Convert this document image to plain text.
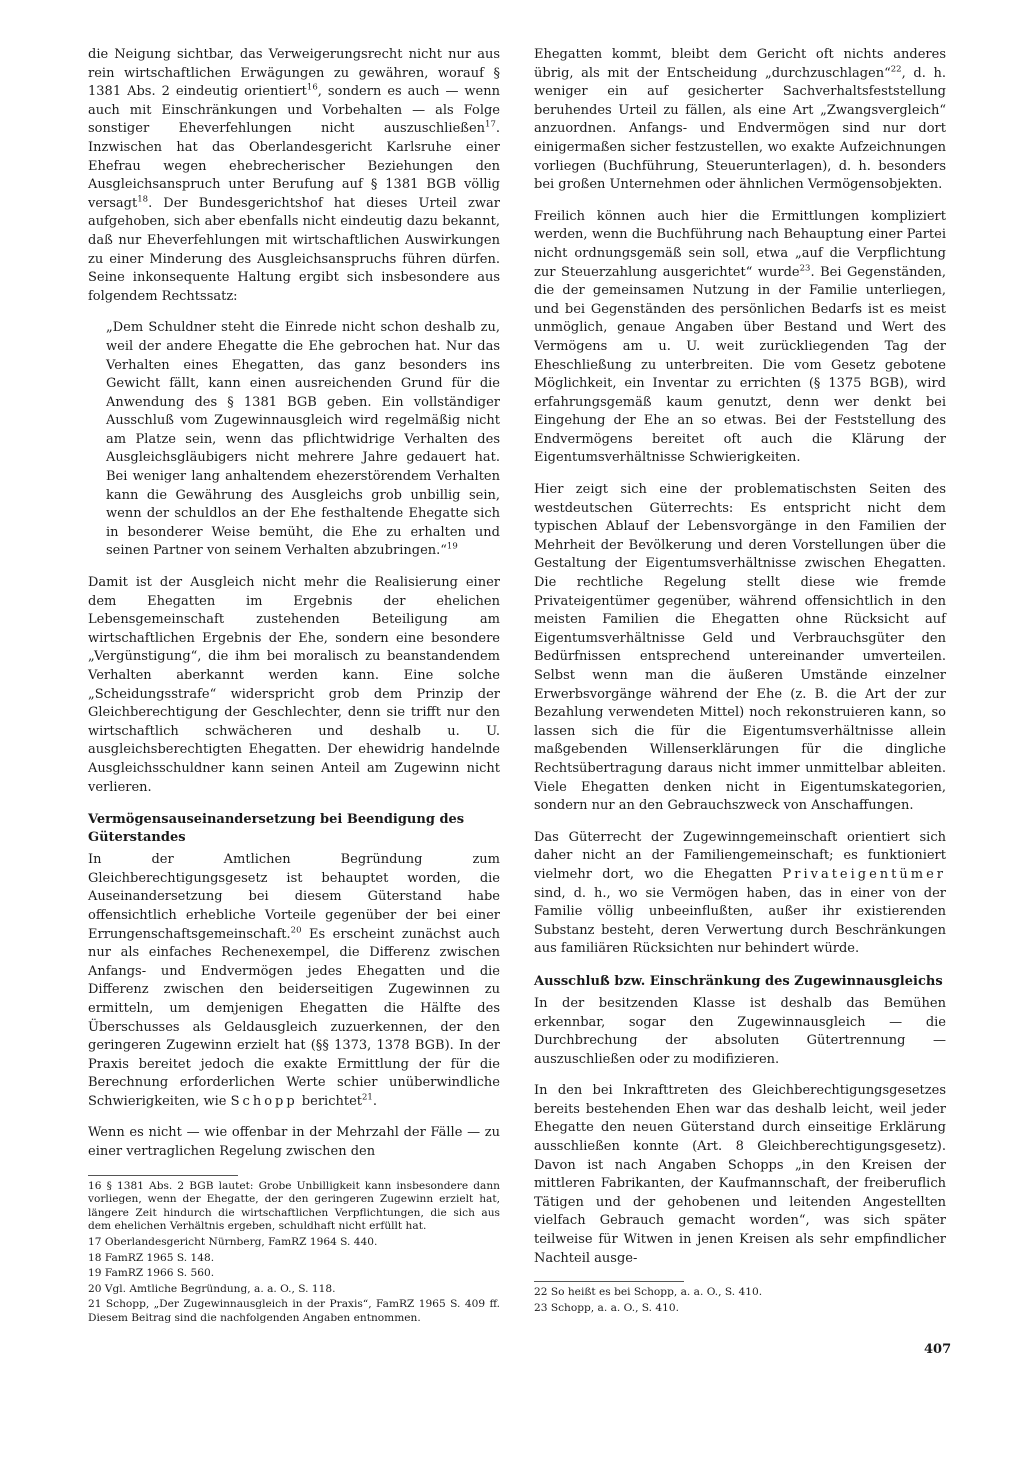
die Neigung sichtbar, das Verweigerungsrecht nicht nur aus rein wirtschaftlichen Erwägungen zu gewähren, worauf § 1381 Abs. 2 eindeutig orientiert$^{16}$, sondern es auch — wenn auch mit Einschränkungen und Vorbehalten — als Folge sonstiger Eheverfehlungen nicht auszuschließen$^{17}$. Inzwischen hat das Oberlandesgericht Karlsruhe einer Ehefrau wegen ehebrecherischer Beziehungen den Ausgleichsanspruch unter Berufung auf § 1381 BGB völlig versagt$^{18}$. Der Bundesgerichtshof hat dieses Urteil zwar aufgehoben, sich aber ebenfalls nicht eindeutig dazu bekannt, daß nur Eheverfehlungen mit wirtschaftlichen Auswirkungen zu einer Minderung des Ausgleichsanspruchs führen dürfen. Seine inkonsequente Haltung ergibt sich insbesondere aus folgendem Rechtssatz:

„Dem Schuldner steht die Einrede nicht schon deshalb zu, weil der andere Ehegatte die Ehe gebrochen hat. Nur das Verhalten eines Ehegatten, das ganz besonders ins Gewicht fällt, kann einen ausreichenden Grund für die Anwendung des § 1381 BGB geben. Ein vollständiger Ausschluß vom Zugewinnausgleich wird regelmäßig nicht am Platze sein, wenn das pflichtwidrige Verhalten des Ausgleichsgläubigers nicht mehrere Jahre gedauert hat. Bei weniger lang anhaltendem ehezerstörendem Verhalten kann die Gewährung des Ausgleichs grob unbillig sein, wenn der schuldlos an der Ehe festhaltende Ehegatte sich in besonderer Weise bemüht, die Ehe zu erhalten und seinen Partner von seinem Verhalten abzubringen.“$^{19}$

Damit ist der Ausgleich nicht mehr die Realisierung einer dem Ehegatten im Ergebnis der ehelichen Lebensgemeinschaft zustehenden Beteiligung am wirtschaftlichen Ergebnis der Ehe, sondern eine besondere „Vergünstigung“, die ihm bei moralisch zu beanstandendem Verhalten aberkannt werden kann. Eine solche „Scheidungsstrafe“ widerspricht grob dem Prinzip der Gleichberechtigung der Geschlechter, denn sie trifft nur den wirtschaftlich schwächeren und deshalb u. U. ausgleichsberechtigten Ehegatten. Der ehewidrig handelnde Ausgleichsschuldner kann seinen Anteil am Zugewinn nicht verlieren.

Vermögensauseinandersetzung bei Beendigung des Güterstandes

In der Amtlichen Begründung zum Gleichberechtigungsgesetz ist behauptet worden, die Auseinandersetzung bei diesem Güterstand habe offensichtlich erhebliche Vorteile gegenüber der bei einer Errungenschaftsgemeinschaft.$^{20}$ Es erscheint zunächst auch nur als einfaches Rechenexempel, die Differenz zwischen Anfangs- und Endvermögen jedes Ehegatten und die Differenz zwischen den beiderseitigen Zugewinnen zu ermitteln, um demjenigen Ehegatten die Hälfte des Überschusses als Geldausgleich zuzuerkennen, der den geringeren Zugewinn erzielt hat (§§ 1373, 1378 BGB). In der Praxis bereitet jedoch die exakte Ermittlung der für die Berechnung erforderlichen Werte schier unüberwindliche Schwierigkeiten, wie Schopp berichtet$^{21}$.

Wenn es nicht — wie offenbar in der Mehrzahl der Fälle — zu einer vertraglichen Regelung zwischen den

16 § 1381 Abs. 2 BGB lautet: Grobe Unbilligkeit kann insbesondere dann vorliegen, wenn der Ehegatte, der den geringeren Zugewinn erzielt hat, längere Zeit hindurch die wirtschaftlichen Verpflichtungen, die sich aus dem ehelichen Verhältnis ergeben, schuldhaft nicht erfüllt hat.

17 Oberlandesgericht Nürnberg, FamRZ 1964 S. 440.

18 FamRZ 1965 S. 148.

19 FamRZ 1966 S. 560.

20 Vgl. Amtliche Begründung, a. a. O., S. 118.

21 Schopp, „Der Zugewinnausgleich in der Praxis“, FamRZ 1965 S. 409 ff. Diesem Beitrag sind die nachfolgenden Angaben entnommen.

Ehegatten kommt, bleibt dem Gericht oft nichts anderes übrig, als mit der Entscheidung „durchzuschlagen“$^{22}$, d. h. weniger ein auf gesicherter Sachverhaltsfeststellung beruhendes Urteil zu fällen, als eine Art „Zwangsvergleich“ anzuordnen. Anfangs- und Endvermögen sind nur dort einigermaßen sicher festzustellen, wo exakte Aufzeichnungen vorliegen (Buchführung, Steuerunterlagen), d. h. besonders bei großen Unternehmen oder ähnlichen Vermögensobjekten.

Freilich können auch hier die Ermittlungen kompliziert werden, wenn die Buchführung nach Behauptung einer Partei nicht ordnungsgemäß sein soll, etwa „auf die Verpflichtung zur Steuerzahlung ausgerichtet“ wurde$^{23}$. Bei Gegenständen, die der gemeinsamen Nutzung in der Familie unterliegen, und bei Gegenständen des persönlichen Bedarfs ist es meist unmöglich, genaue Angaben über Bestand und Wert des Vermögens am u. U. weit zurückliegenden Tag der Eheschließung zu unterbreiten. Die vom Gesetz gebotene Möglichkeit, ein Inventar zu errichten (§ 1375 BGB), wird erfahrungsgemäß kaum genutzt, denn wer denkt bei Eingehung der Ehe an so etwas. Bei der Feststellung des Endvermögens bereitet oft auch die Klärung der Eigentumsverhältnisse Schwierigkeiten.

Hier zeigt sich eine der problematischsten Seiten des westdeutschen Güterrechts: Es entspricht nicht dem typischen Ablauf der Lebensvorgänge in den Familien der Mehrheit der Bevölkerung und deren Vorstellungen über die Gestaltung der Eigentumsverhältnisse zwischen Ehegatten. Die rechtliche Regelung stellt diese wie fremde Privateigentümer gegenüber, während offensichtlich in den meisten Familien die Ehegatten ohne Rücksicht auf Eigentumsverhältnisse Geld und Verbrauchsgüter den Bedürfnissen entsprechend untereinander umverteilen. Selbst wenn man die äußeren Umstände einzelner Erwerbsvorgänge während der Ehe (z. B. die Art der zur Bezahlung verwendeten Mittel) noch rekonstruieren kann, so lassen sich die für die Eigentumsverhältnisse allein maßgebenden Willenserklärungen für die dingliche Rechtsübertragung daraus nicht immer unmittelbar ableiten. Viele Ehegatten denken nicht in Eigentumskategorien, sondern nur an den Gebrauchszweck von Anschaffungen.

Das Güterrecht der Zugewinngemeinschaft orientiert sich daher nicht an der Familiengemeinschaft; es funktioniert vielmehr dort, wo die Ehegatten Privateigentümer sind, d. h., wo sie Vermögen haben, das in einer von der Familie völlig unbeeinflußten, außer ihr existierenden Substanz besteht, deren Verwertung durch Beschränkungen aus familiären Rücksichten nur behindert würde.

Ausschluß bzw. Einschränkung des Zugewinnausgleichs

In der besitzenden Klasse ist deshalb das Bemühen erkennbar, sogar den Zugewinnausgleich — die Durchbrechung der absoluten Gütertrennung — auszuschließen oder zu modifizieren.

In den bei Inkrafttreten des Gleichberechtigungsgesetzes bereits bestehenden Ehen war das deshalb leicht, weil jeder Ehegatte den neuen Güterstand durch einseitige Erklärung ausschließen konnte (Art. 8 Gleichberechtigungsgesetz). Davon ist nach Angaben Schopps „in den Kreisen der mittleren Fabrikanten, der Kaufmannschaft, der freiberuflich Tätigen und der gehobenen und leitenden Angestellten vielfach Gebrauch gemacht worden“, was sich später teilweise für Witwen in jenen Kreisen als sehr empfindlicher Nachteil ausge-

22 So heißt es bei Schopp, a. a. O., S. 410.

23 Schopp, a. a. O., S. 410.

407
